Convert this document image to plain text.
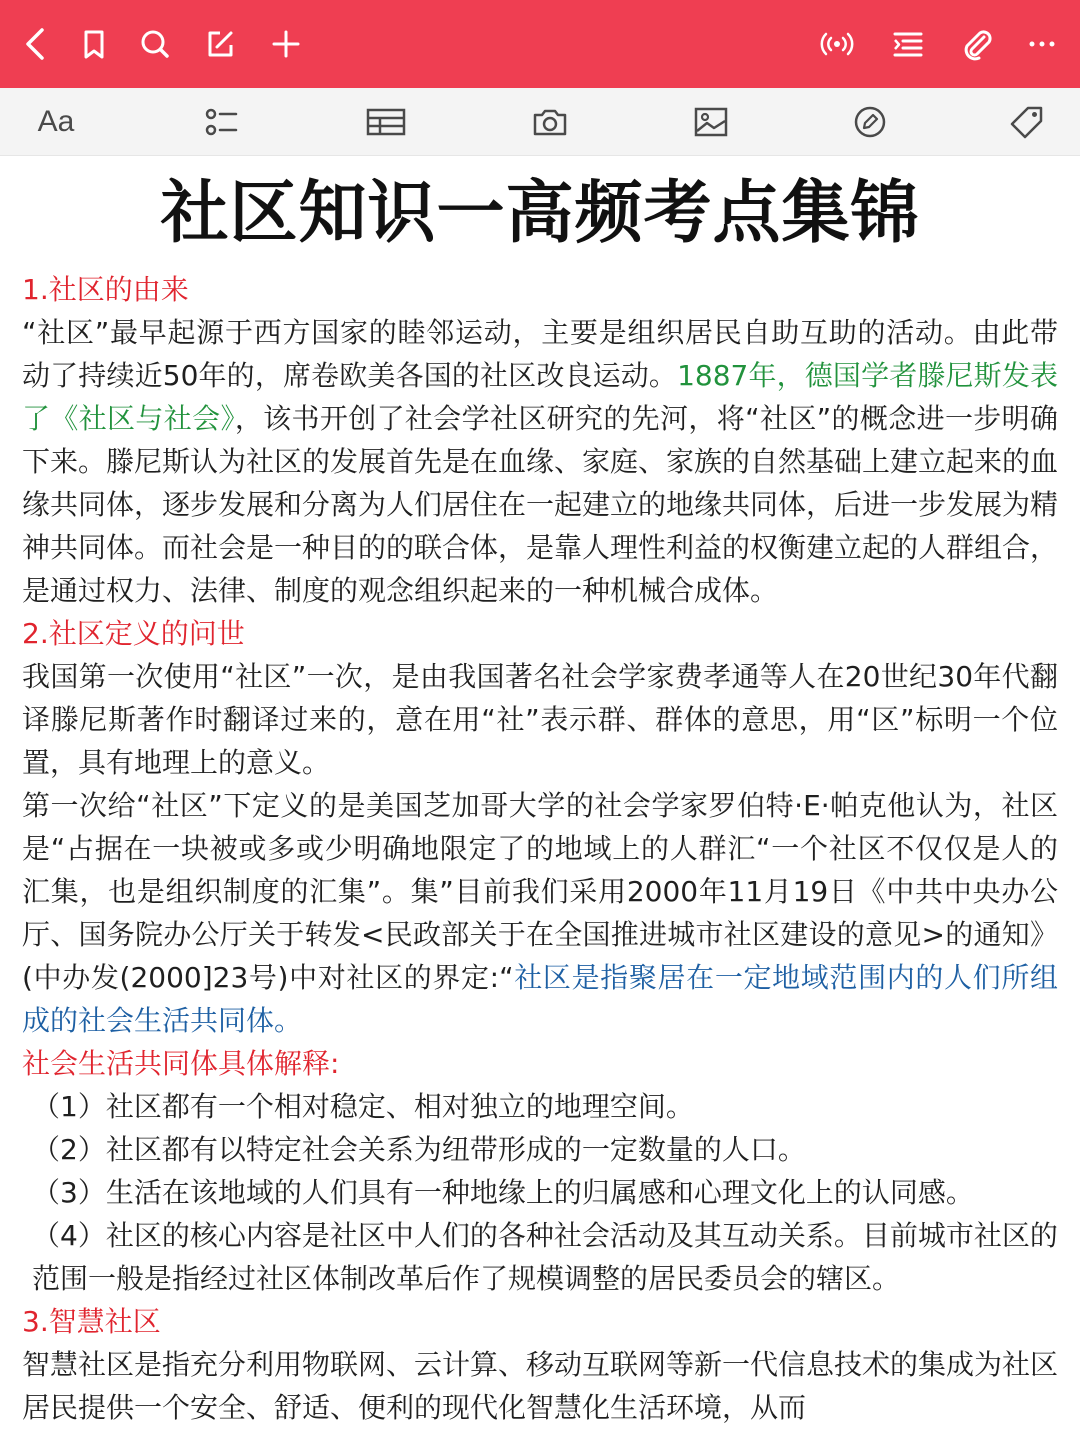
Aa
社区知识一高频考点集锦

1.社区的由来

“社区”最早起源于西方国家的睦邻运动，主要是组织居民自助互助的活动。由此带动了持续近50年的，席卷欧美各国的社区改良运动。1887年，德国学者滕尼斯发表了《社区与社会》，该书开创了社会学社区研究的先河，将“社区”的概念进一步明确下来。滕尼斯认为社区的发展首先是在血缘、家庭、家族的自然基础上建立起来的血缘共同体，逐步发展和分离为人们居住在一起建立的地缘共同体，后进一步发展为精神共同体。而社会是一种目的的联合体，是靠人理性利益的权衡建立起的人群组合，是通过权力、法律、制度的观念组织起来的一种机械合成体。

2.社区定义的问世

我国第一次使用“社区”一次，是由我国著名社会学家费孝通等人在20世纪30年代翻译滕尼斯著作时翻译过来的，意在用“社”表示群、群体的意思，用“区”标明一个位置，具有地理上的意义。

第一次给“社区”下定义的是美国芝加哥大学的社会学家罗伯特·E·帕克他认为，社区是“占据在一块被或多或少明确地限定了的地域上的人群汇“一个社区不仅仅是人的汇集，也是组织制度的汇集”。集”目前我们采用2000年11月19日《中共中央办公厅、国务院办公厅关于转发<民政部关于在全国推进城市社区建设的意见>的通知》(中办发(2000]23号)中对社区的界定:“社区是指聚居在一定地域范围内的人们所组成的社会生活共同体。

社会生活共同体具体解释:

（1）社区都有一个相对稳定、相对独立的地理空间。

（2）社区都有以特定社会关系为纽带形成的一定数量的人口。

（3）生活在该地域的人们具有一种地缘上的归属感和心理文化上的认同感。

（4）社区的核心内容是社区中人们的各种社会活动及其互动关系。目前城市社区的范围一般是指经过社区体制改革后作了规模调整的居民委员会的辖区。

3.智慧社区

智慧社区是指充分利用物联网、云计算、移动互联网等新一代信息技术的集成为社区居民提供一个安全、舒适、便利的现代化智慧化生活环境，从而
